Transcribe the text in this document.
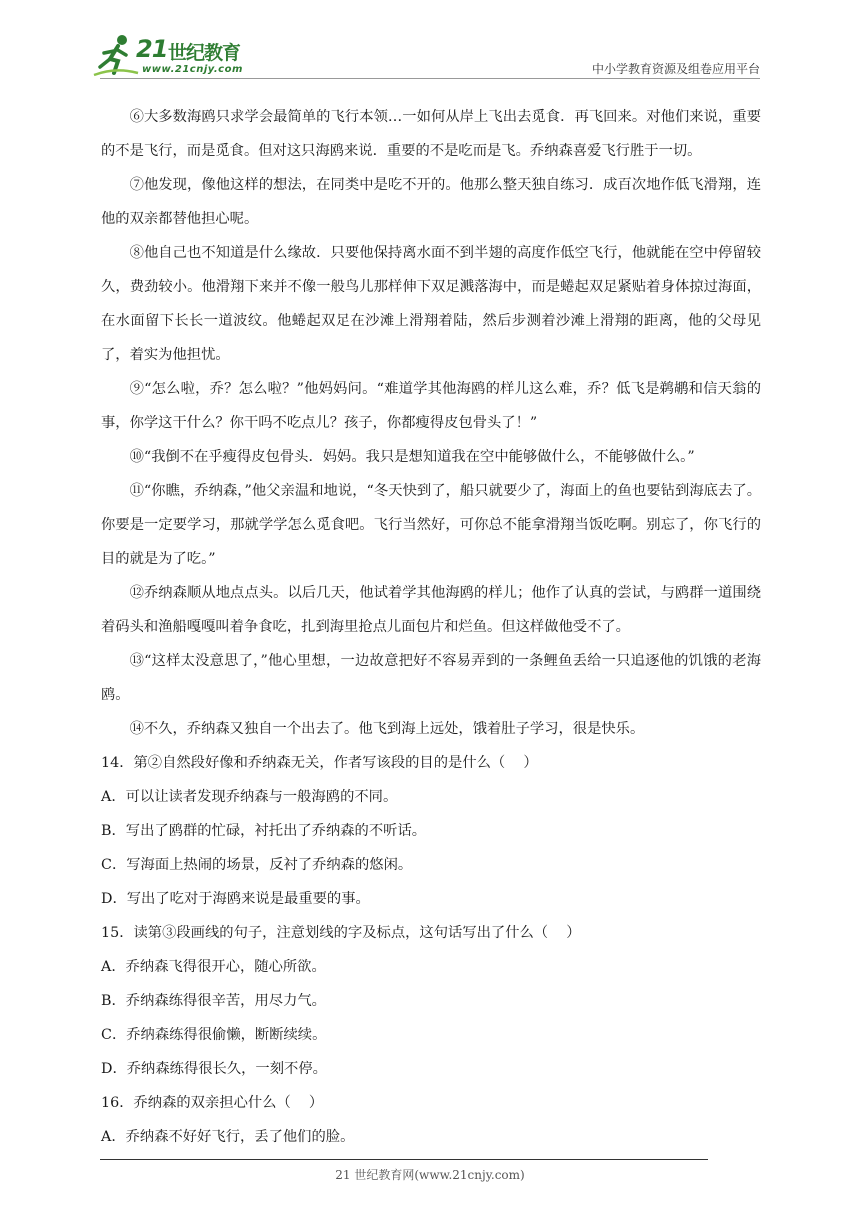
21 世纪教育
www.21cnjy.com	中小学教育资源及组卷应用平台

⑥大多数海鸥只求学会最简单的飞行本领…一如何从岸上飞出去觅食．再飞回来。对他们来说，重要的不是飞行，而是觅食。但对这只海鸥来说．重要的不是吃而是飞。乔纳森喜爱飞行胜于一切。

⑦他发现，像他这样的想法，在同类中是吃不开的。他那么整天独自练习．成百次地作低飞滑翔，连他的双亲都替他担心呢。

⑧他自己也不知道是什么缘故．只要他保持离水面不到半翅的高度作低空飞行，他就能在空中停留较久，费劲较小。他滑翔下来并不像一般鸟儿那样伸下双足溅落海中，而是蜷起双足紧贴着身体掠过海面，在水面留下长长一道波纹。他蜷起双足在沙滩上滑翔着陆，然后步测着沙滩上滑翔的距离，他的父母见了，着实为他担忧。

⑨“怎么啦，乔？怎么啦？”他妈妈问。“难道学其他海鸥的样儿这么难，乔？低飞是鹈鹕和信天翁的事，你学这干什么？你干吗不吃点儿？孩子，你都瘦得皮包骨头了！”

⑩“我倒不在乎瘦得皮包骨头．妈妈。我只是想知道我在空中能够做什么，不能够做什么。”

⑪“你瞧，乔纳森，”他父亲温和地说，“冬天快到了，船只就要少了，海面上的鱼也要钻到海底去了。你要是一定要学习，那就学学怎么觅食吧。飞行当然好，可你总不能拿滑翔当饭吃啊。别忘了，你飞行的目的就是为了吃。”

⑫乔纳森顺从地点点头。以后几天，他试着学其他海鸥的样儿；他作了认真的尝试，与鸥群一道围绕着码头和渔船嘎嘎叫着争食吃，扎到海里抢点儿面包片和烂鱼。但这样做他受不了。

⑬“这样太没意思了，”他心里想，一边故意把好不容易弄到的一条鲤鱼丢给一只追逐他的饥饿的老海鸥。

⑭不久，乔纳森又独自一个出去了。他飞到海上远处，饿着肚子学习，很是快乐。

14．第②自然段好像和乔纳森无关，作者写该段的目的是什么（    ）

A．可以让读者发现乔纳森与一般海鸥的不同。

B．写出了鸥群的忙碌，衬托出了乔纳森的不听话。

C．写海面上热闹的场景，反衬了乔纳森的悠闲。

D．写出了吃对于海鸥来说是最重要的事。

15．读第③段画线的句子，注意划线的字及标点，这句话写出了什么（    ）

A．乔纳森飞得很开心，随心所欲。

B．乔纳森练得很辛苦，用尽力气。

C．乔纳森练得很偷懒，断断续续。

D．乔纳森练得很长久，一刻不停。

16．乔纳森的双亲担心什么（    ）

A．乔纳森不好好飞行，丢了他们的脸。

21 世纪教育网(www.21cnjy.com)
